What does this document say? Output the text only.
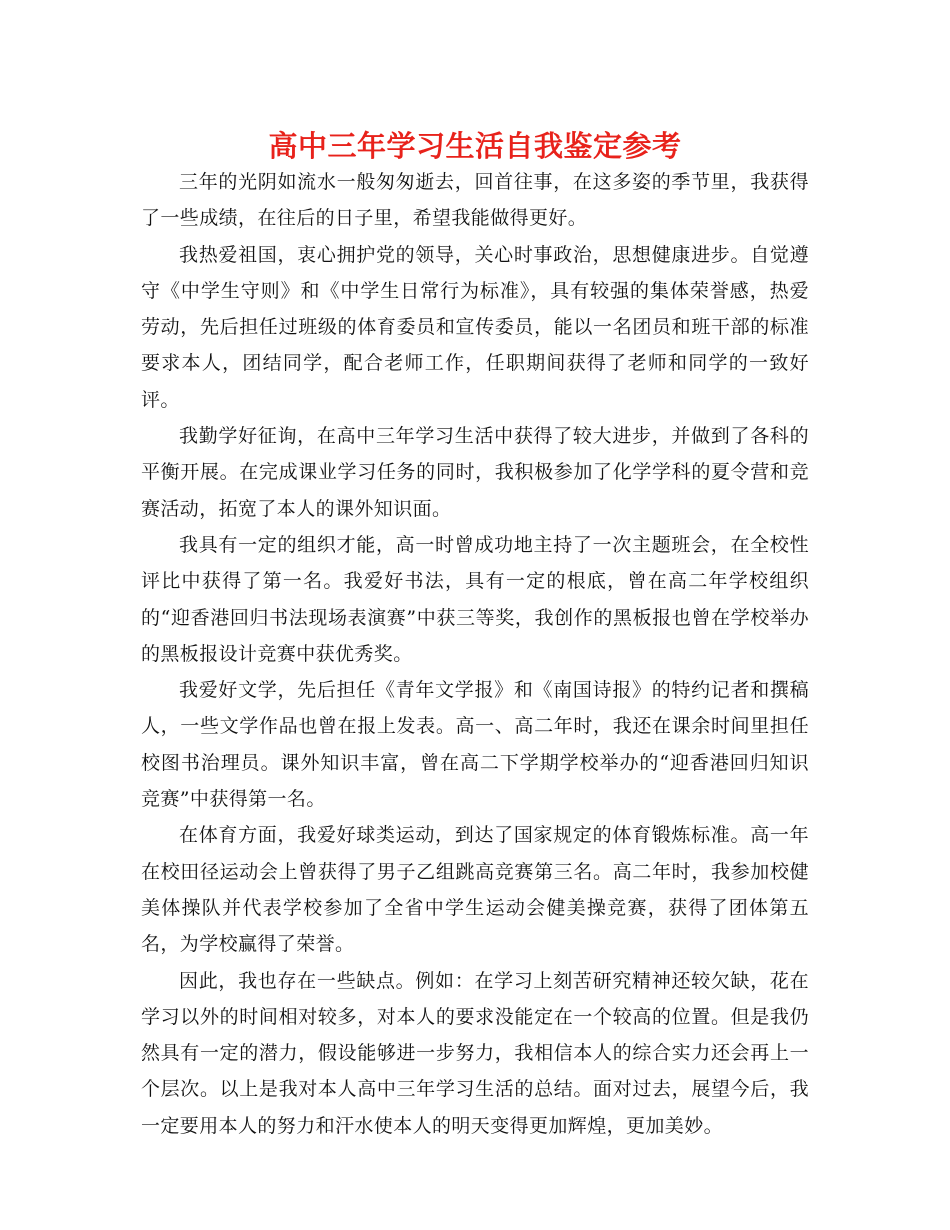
高中三年学习生活自我鉴定参考

三年的光阴如流水一般匆匆逝去，回首往事，在这多姿的季节里，我获得了一些成绩，在往后的日子里，希望我能做得更好。

我热爱祖国，衷心拥护党的领导，关心时事政治，思想健康进步。自觉遵守《中学生守则》和《中学生日常行为标准》，具有较强的集体荣誉感，热爱劳动，先后担任过班级的体育委员和宣传委员，能以一名团员和班干部的标准要求本人，团结同学，配合老师工作，任职期间获得了老师和同学的一致好评。

我勤学好征询，在高中三年学习生活中获得了较大进步，并做到了各科的平衡开展。在完成课业学习任务的同时，我积极参加了化学学科的夏令营和竞赛活动，拓宽了本人的课外知识面。

我具有一定的组织才能，高一时曾成功地主持了一次主题班会，在全校性评比中获得了第一名。我爱好书法，具有一定的根底，曾在高二年学校组织的“迎香港回归书法现场表演赛”中获三等奖，我创作的黑板报也曾在学校举办的黑板报设计竞赛中获优秀奖。

我爱好文学，先后担任《青年文学报》和《南国诗报》的特约记者和撰稿人，一些文学作品也曾在报上发表。高一、高二年时，我还在课余时间里担任校图书治理员。课外知识丰富，曾在高二下学期学校举办的“迎香港回归知识竞赛”中获得第一名。

在体育方面，我爱好球类运动，到达了国家规定的体育锻炼标准。高一年在校田径运动会上曾获得了男子乙组跳高竞赛第三名。高二年时，我参加校健美体操队并代表学校参加了全省中学生运动会健美操竞赛，获得了团体第五名，为学校赢得了荣誉。

因此，我也存在一些缺点。例如：在学习上刻苦研究精神还较欠缺，花在学习以外的时间相对较多，对本人的要求没能定在一个较高的位置。但是我仍然具有一定的潜力，假设能够进一步努力，我相信本人的综合实力还会再上一个层次。以上是我对本人高中三年学习生活的总结。面对过去，展望今后，我一定要用本人的努力和汗水使本人的明天变得更加辉煌，更加美妙。
